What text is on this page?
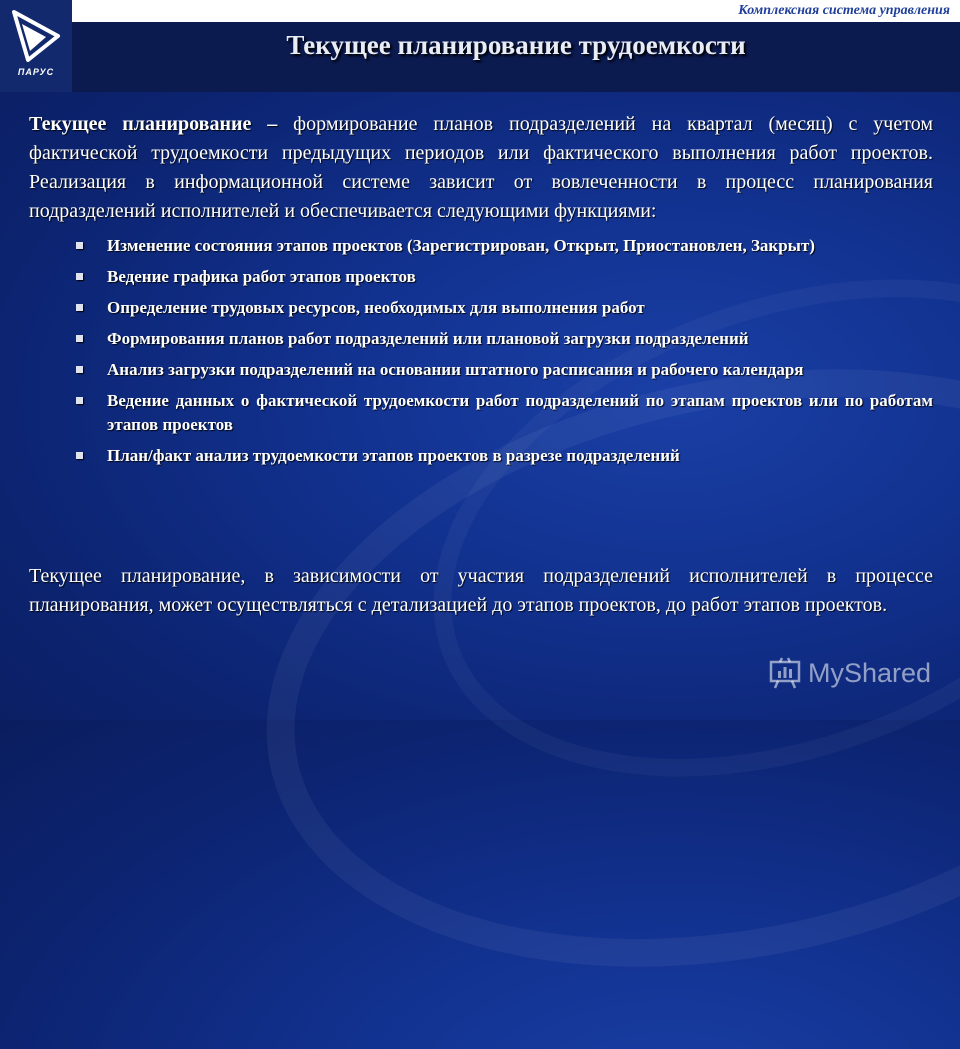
Комплексная система управления
ПАРУС
Текущее планирование трудоемкости

Текущее планирование – формирование планов подразделений на квартал (месяц) с учетом фактической трудоемкости предыдущих периодов или фактического выполнения работ проектов. Реализация в информационной системе зависит от вовлеченности в процесс планирования подразделений исполнителей и обеспечивается следующими функциями:

Изменение состояния этапов проектов (Зарегистрирован, Открыт, Приостановлен, Закрыт)
Ведение графика работ этапов проектов
Определение трудовых ресурсов, необходимых для выполнения работ
Формирования планов работ подразделений или плановой загрузки подразделений
Анализ загрузки подразделений на основании штатного расписания и рабочего календаря
Ведение данных о фактической трудоемкости работ подразделений по этапам проектов или по работам этапов проектов
План/факт анализ трудоемкости этапов проектов в разрезе подразделений

Текущее планирование, в зависимости от участия подразделений исполнителей в процессе планирования, может осуществляться с детализацией до этапов проектов, до работ этапов проектов.

MyShared
